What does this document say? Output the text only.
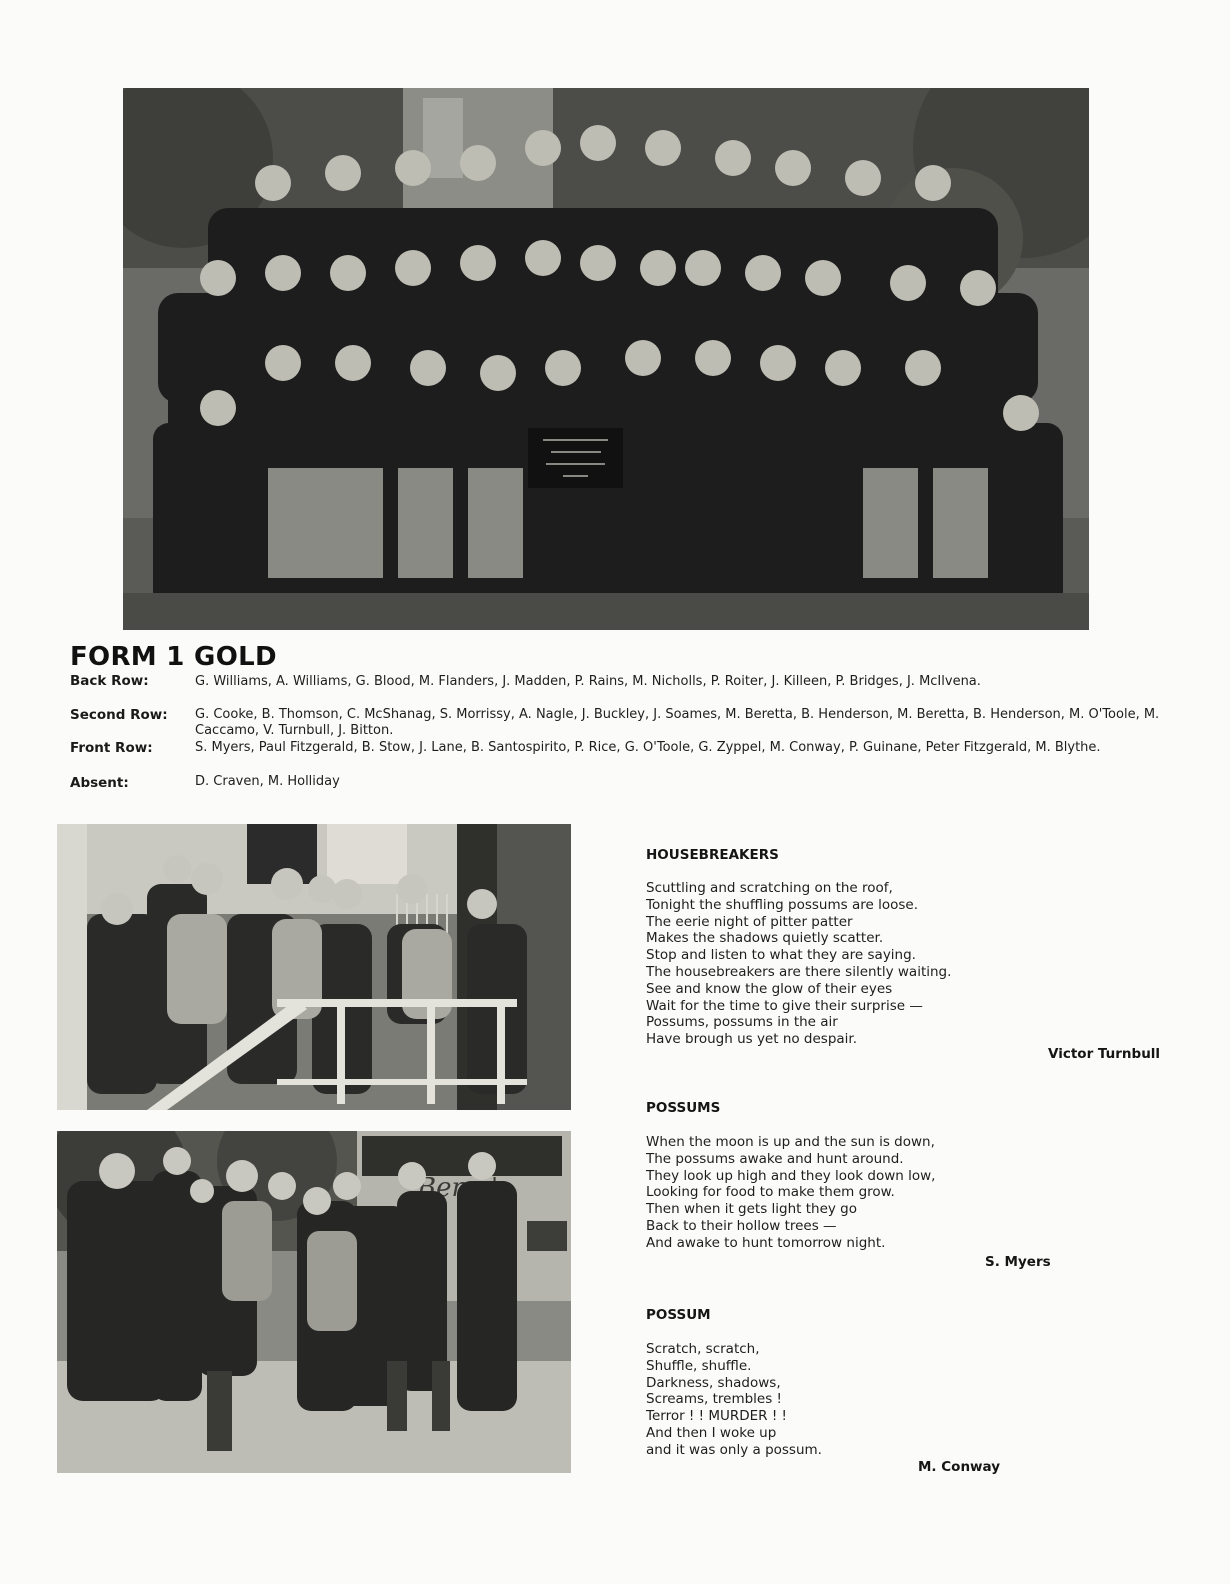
FORM 1 GOLD
Back Row:	G. Williams, A. Williams, G. Blood, M. Flanders, J. Madden, P. Rains, M. Nicholls, P. Roiter, J. Killeen, P. Bridges, J. McIlvena.
Second Row: G. Cooke, B. Thomson, C. McShanag, S. Morrissy, A. Nagle, J. Buckley, J. Soames, M. Beretta, B. Henderson, M. Beretta, B. Henderson, M. O'Toole, M. Caccamo, V. Turnbull, J. Bitton.
Front Row:	S. Myers, Paul Fitzgerald, B. Stow, J. Lane, B. Santospirito, P. Rice, G. O'Toole, G. Zyppel, M. Conway, P. Guinane, Peter Fitzgerald, M. Blythe.
Absent:	D. Craven, M. Holliday
HOUSEBREAKERS
Scuttling and scratching on the roof,
Tonight the shuffling possums are loose.
The eerie night of pitter patter
Makes the shadows quietly scatter.
Stop and listen to what they are saying.
The housebreakers are there silently waiting.
See and know the glow of their eyes
Wait for the time to give their surprise —
Possums, possums in the air
Have brough us yet no despair.
Victor Turnbull
POSSUMS
When the moon is up and the sun is down,
The possums awake and hunt around.
They look up high and they look down low,
Looking for food to make them grow.
Then when it gets light they go
Back to their hollow trees —
And awake to hunt tomorrow night.
S. Myers
POSSUM
Scratch, scratch,
Shuffle, shuffle.
Darkness, shadows,
Screams, trembles !
Terror ! ! MURDER ! !
And then I woke up
and it was only a possum.
M. Conway
